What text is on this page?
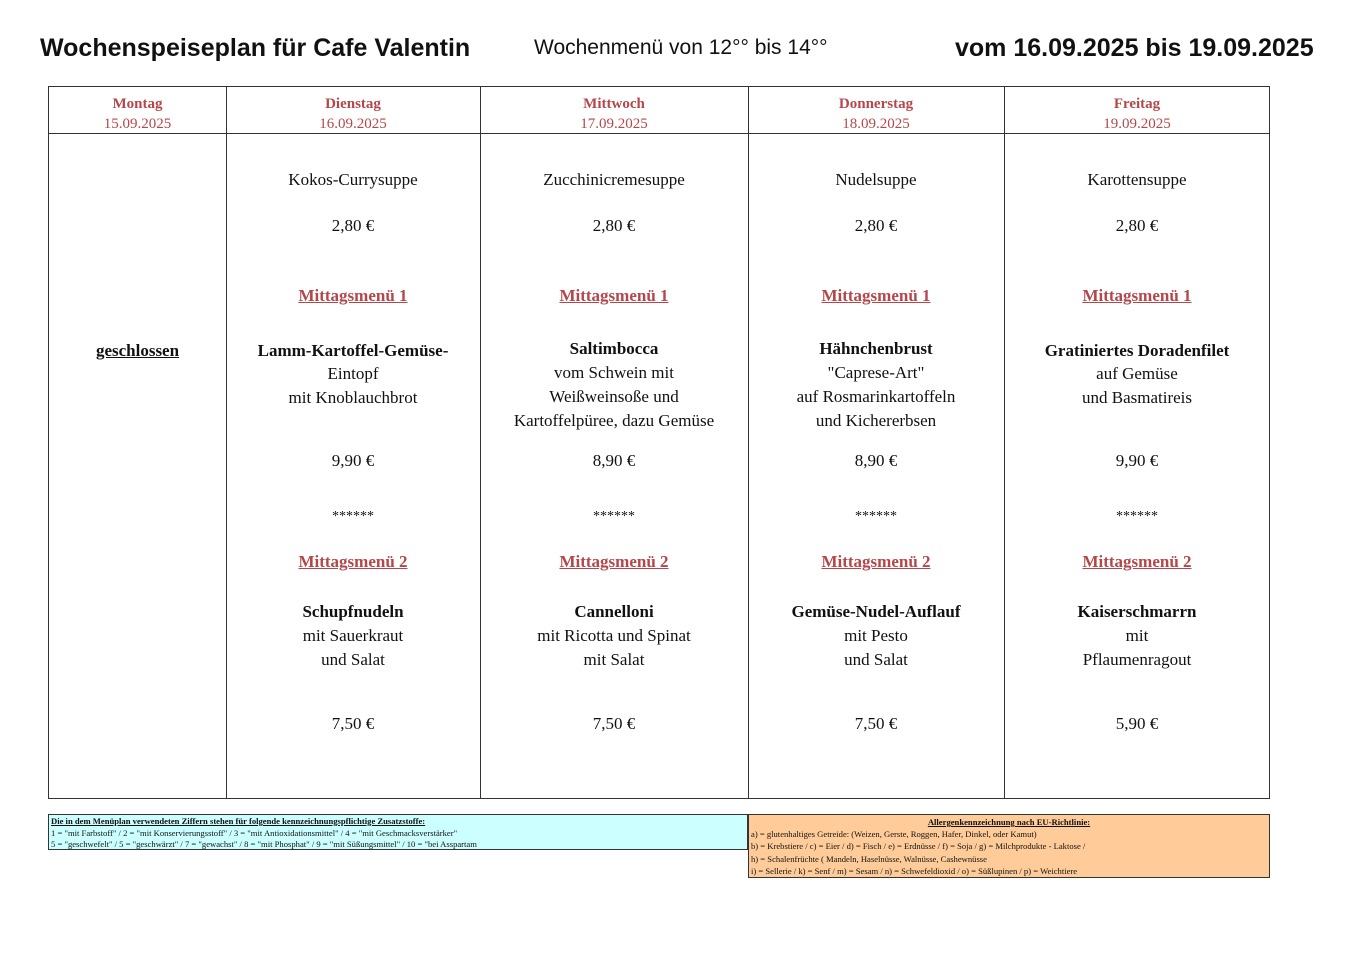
Wochenspeiseplan für Cafe Valentin	Wochenmenü von 12°° bis 14°°	vom 16.09.2025 bis 19.09.2025
Montag
15.09.2025
Dienstag
16.09.2025
Mittwoch
17.09.2025
Donnerstag
18.09.2025
Freitag
19.09.2025
geschlossen
Kokos-Currysuppe
2,80 €
Mittagsmenü 1
Lamm-Kartoffel-Gemüse-
Eintopf
mit Knoblauchbrot
9,90 €
******
Mittagsmenü 2
Schupfnudeln
mit Sauerkraut
und Salat
7,50 €
Zucchinicremesuppe
2,80 €
Mittagsmenü 1
Saltimbocca
vom Schwein mit
Weißweinsoße und
Kartoffelpüree, dazu Gemüse
8,90 €
******
Mittagsmenü 2
Cannelloni
mit Ricotta und Spinat
mit Salat
7,50 €
Nudelsuppe
2,80 €
Mittagsmenü 1
Hähnchenbrust
"Caprese-Art"
auf Rosmarinkartoffeln
und Kichererbsen
8,90 €
******
Mittagsmenü 2
Gemüse-Nudel-Auflauf
mit Pesto
und Salat
7,50 €
Karottensuppe
2,80 €
Mittagsmenü 1
Gratiniertes Doradenfilet
auf Gemüse
und Basmatireis
9,90 €
******
Mittagsmenü 2
Kaiserschmarrn
mit
Pflaumenragout
5,90 €
Die in dem Menüplan verwendeten Ziffern stehen für folgende kennzeichnungspflichtige Zusatzstoffe:
1 = "mit Farbstoff" / 2 = "mit Konservierungsstoff" / 3 = "mit Antioxidationsmittel" / 4 = "mit Geschmacksverstärker"
5 = "geschwefelt" / 5 = "geschwärzt" / 7 = "gewachst" / 8 = "mit Phosphat" / 9 = "mit Süßungsmittel" / 10 = "bei Asspartam
Allergenkennzeichnung nach EU-Richtlinie:
a) = glutenhaltiges Getreide: (Weizen, Gerste, Roggen, Hafer, Dinkel, oder Kamut)
b) = Krebstiere / c) = Eier / d) = Fisch / e) = Erdnüsse / f) = Soja / g) = Milchprodukte - Laktose /
h) = Schalenfrüchte ( Mandeln, Haselnüsse, Walnüsse, Cashewnüsse
i) = Sellerie / k) = Senf / m) = Sesam / n) = Schwefeldioxid / o) = Süßlupinen / p) = Weichtiere
